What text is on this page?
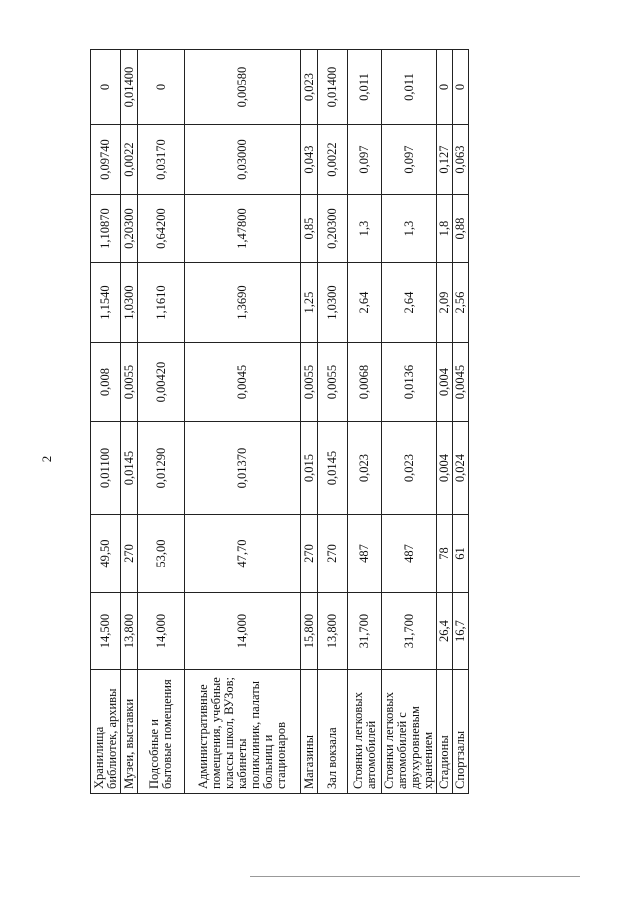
2
Хранилища библиотек, архивы	14,500	49,50	0,01100	0,008	1,1540	1,10870	0,09740	0
Музеи, выставки	13,800	270	0,0145	0,0055	1,0300	0,20300	0,0022	0,01400
Подсобные и бытовые помещения	14,000	53,00	0,01290	0,00420	1,1610	0,64200	0,03170	0
Административные помещения, учебные классы школ, ВУЗов; кабинеты поликлиник, палаты больниц и стационаров	14,000	47,70	0,01370	0,0045	1,3690	1,47800	0,03000	0,00580
Магазины	15,800	270	0,015	0,0055	1,25	0,85	0,043	0,023
Зал вокзала	13,800	270	0,0145	0,0055	1,0300	0,20300	0,0022	0,01400
Стоянки легковых автомобилей	31,700	487	0,023	0,0068	2,64	1,3	0,097	0,011
Стоянки легковых автомобилей с двухуровневым хранением	31,700	487	0,023	0,0136	2,64	1,3	0,097	0,011
Стадионы	26,4	78	0,004	0,004	2,09	1,8	0,127	0
Спортзалы	16,7	61	0,024	0,0045	2,56	0,88	0,063	0
